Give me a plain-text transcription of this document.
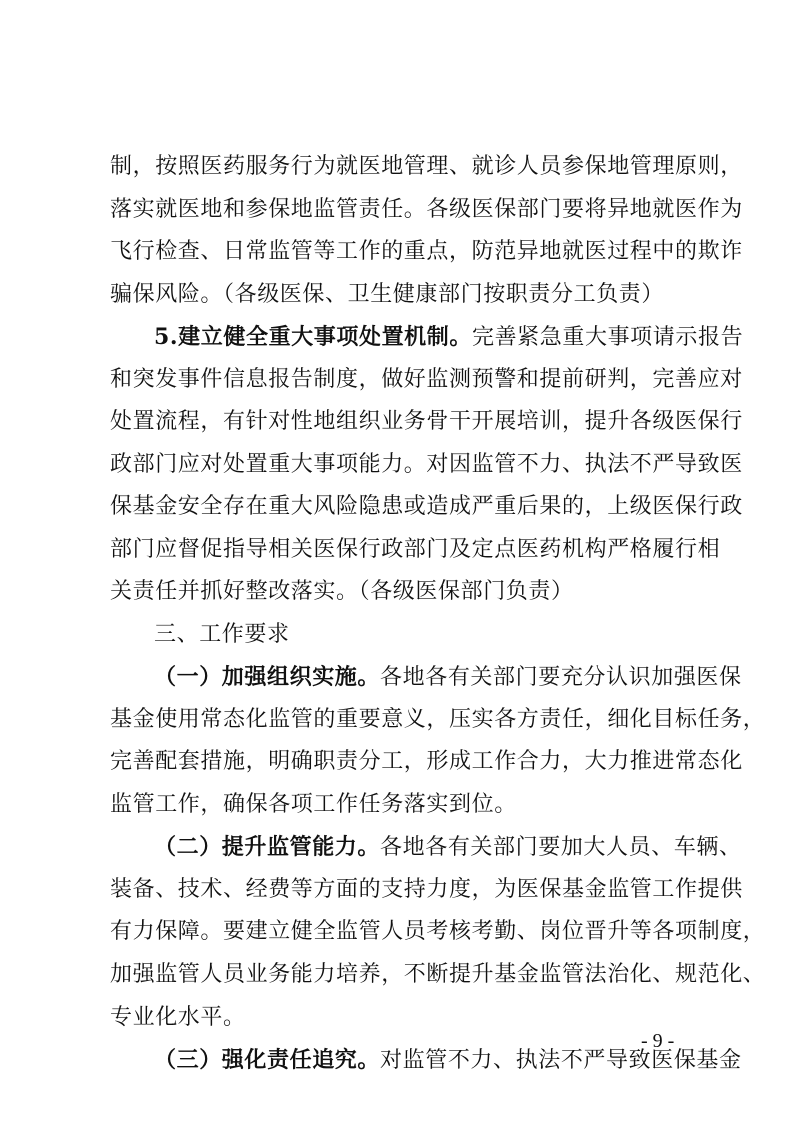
制，按照医药服务行为就医地管理、就诊人员参保地管理原则，
落实就医地和参保地监管责任。各级医保部门要将异地就医作为
飞行检查、日常监管等工作的重点，防范异地就医过程中的欺诈
骗保风险。（各级医保、卫生健康部门按职责分工负责）
5.建立健全重大事项处置机制。完善紧急重大事项请示报告
和突发事件信息报告制度，做好监测预警和提前研判，完善应对
处置流程，有针对性地组织业务骨干开展培训，提升各级医保行
政部门应对处置重大事项能力。对因监管不力、执法不严导致医
保基金安全存在重大风险隐患或造成严重后果的，上级医保行政
部门应督促指导相关医保行政部门及定点医药机构严格履行相
关责任并抓好整改落实。（各级医保部门负责）
三、工作要求
（一）加强组织实施。各地各有关部门要充分认识加强医保
基金使用常态化监管的重要意义，压实各方责任，细化目标任务，
完善配套措施，明确职责分工，形成工作合力，大力推进常态化
监管工作，确保各项工作任务落实到位。
（二）提升监管能力。各地各有关部门要加大人员、车辆、
装备、技术、经费等方面的支持力度，为医保基金监管工作提供
有力保障。要建立健全监管人员考核考勤、岗位晋升等各项制度，
加强监管人员业务能力培养，不断提升基金监管法治化、规范化、
专业化水平。
（三）强化责任追究。对监管不力、执法不严导致医保基金
- 9 -
